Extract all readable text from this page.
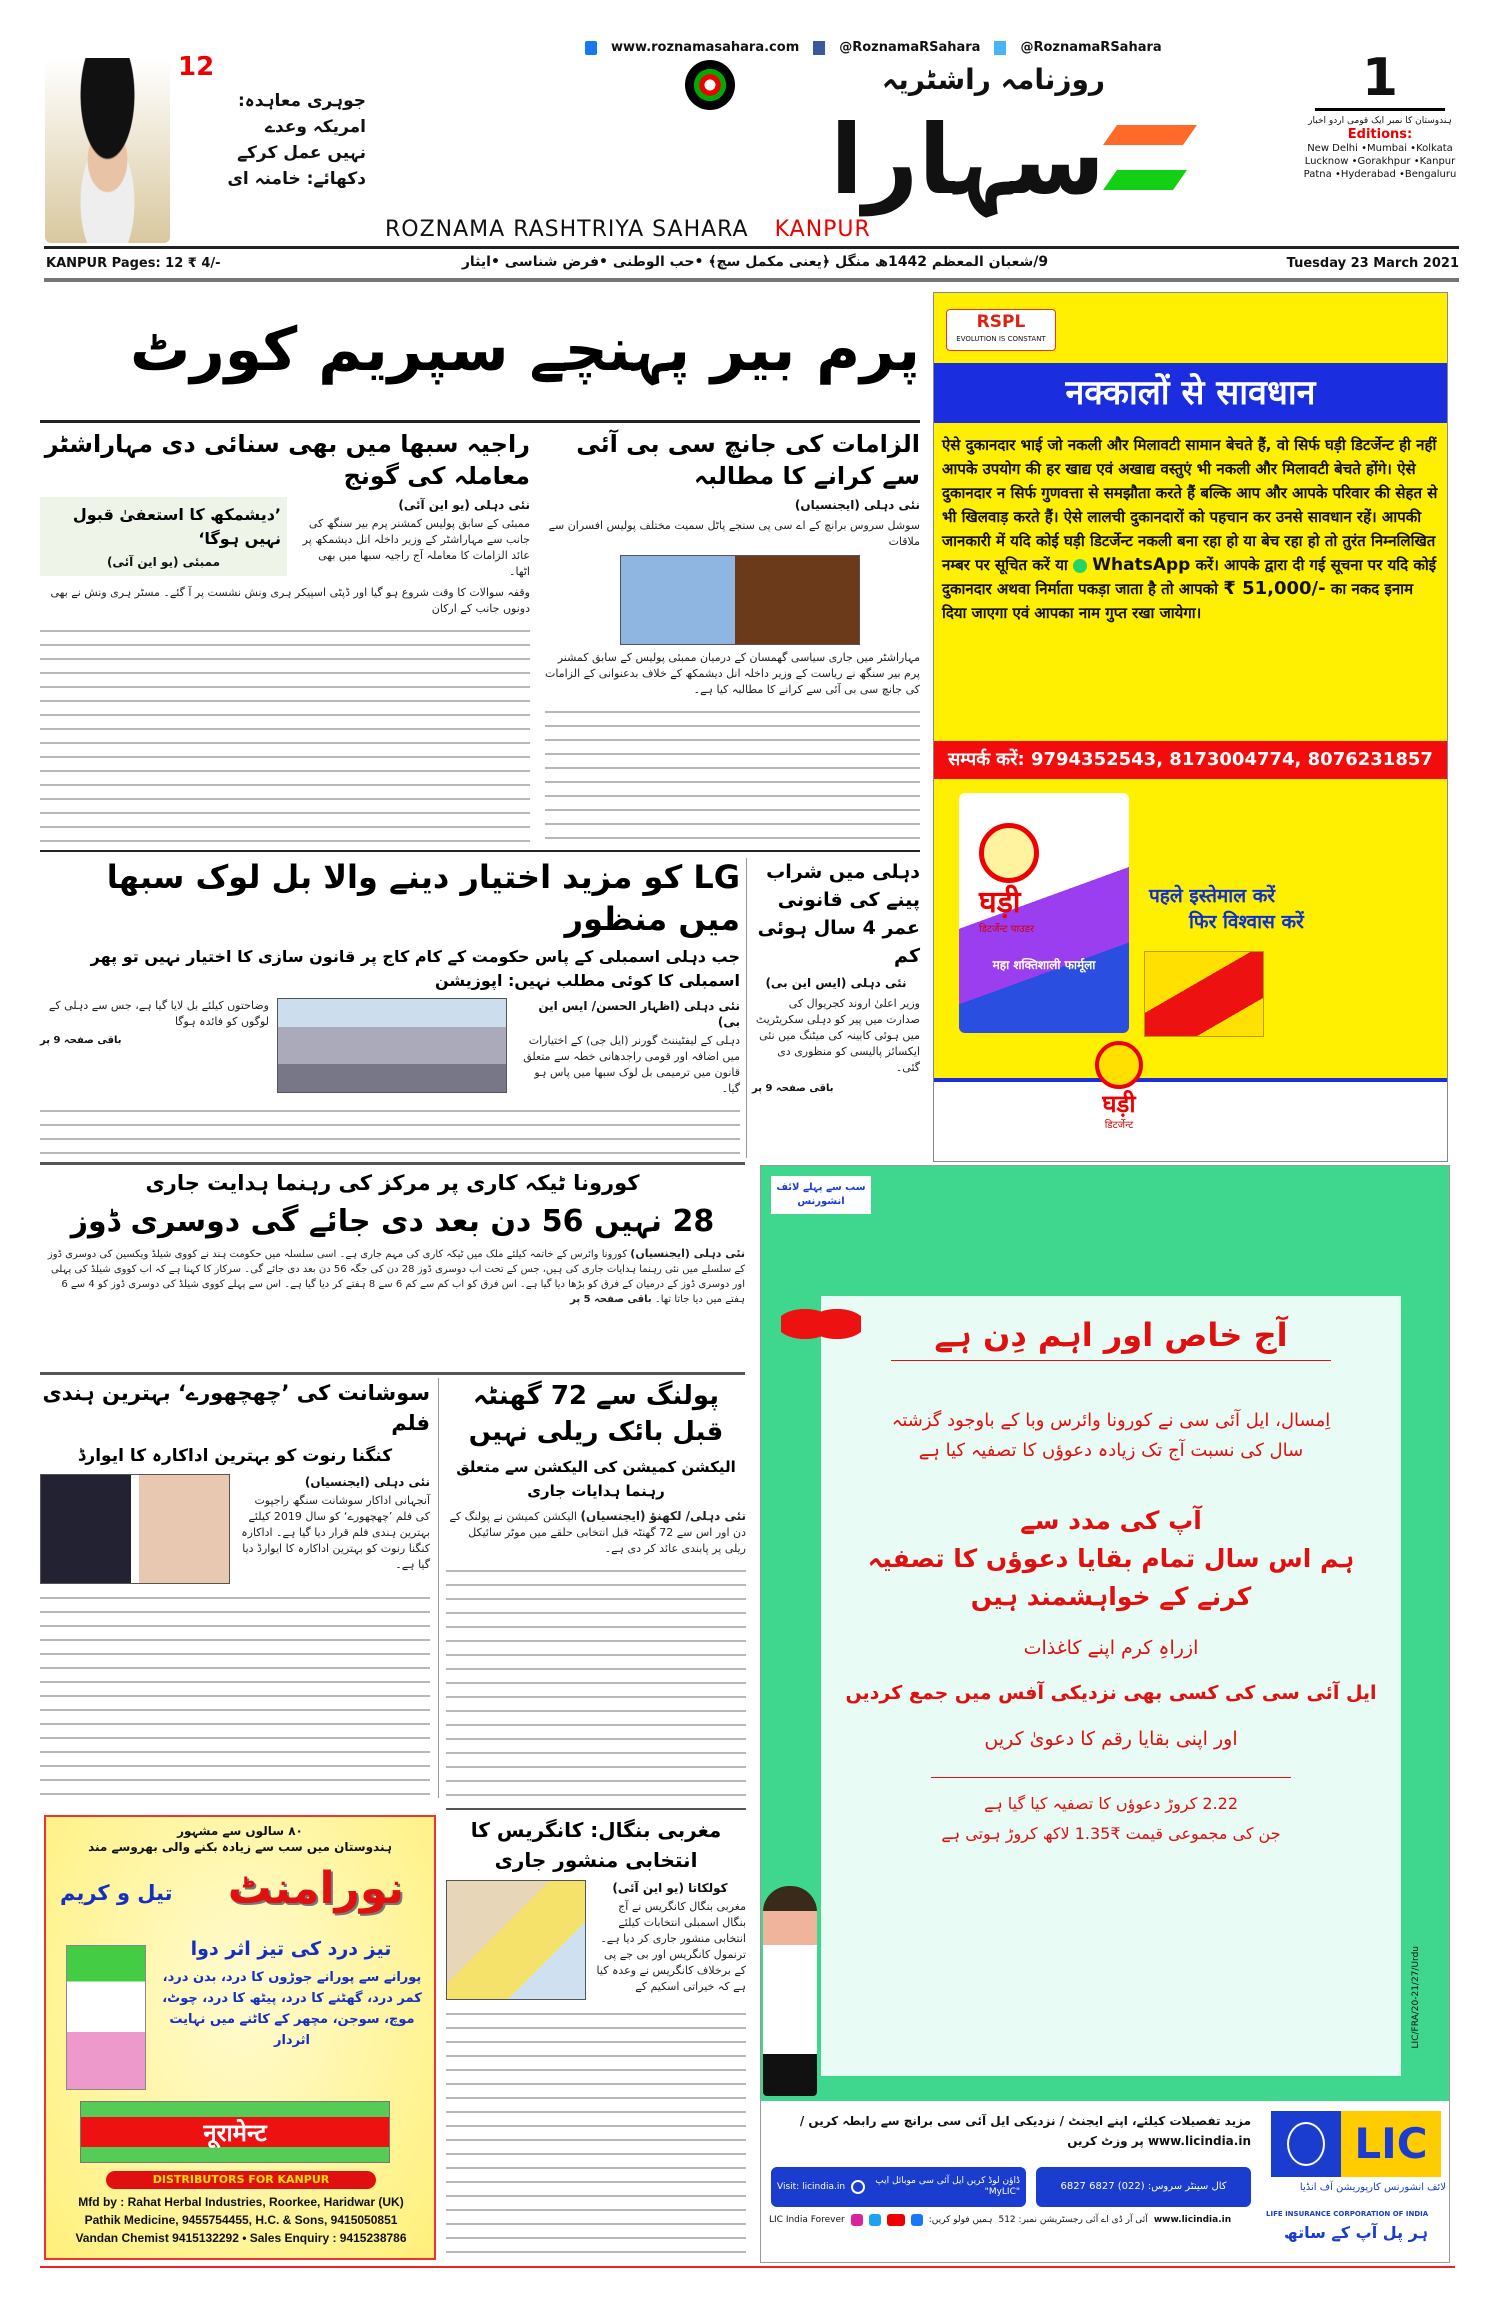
12
جوہری معاہدہ:
امریکہ وعدے
نہیں عمل کرکے
دکھائے: خامنہ ای
www.roznamasahara.com	@RoznamaRSahara	@RoznamaRSahara
روزنامہ راشٹریہ
سہارا
ROZNAMA RASHTRIYA SAHARA KANPUR
1
ہندوستان کا نمبر ایک قومی اردو اخبار
Editions:
New Delhi •Mumbai •Kolkata
Lucknow •Gorakhpur •Kanpur
Patna •Hyderabad •Bengaluru
KANPUR Pages: 12 ₹ 4/-	9/شعبان المعظم 1442ھ منگل ﴿یعنی مکمل سچ﴾ •حب الوطنی •فرض شناسی •ایثار	Tuesday 23 March 2021
پرم بیر پہنچے سپریم کورٹ
الزامات کی جانچ سی بی آئی سے کرانے کا مطالبہ
نئی دہلی (ایجنسیاں)
سوشل سروس برانچ کے اے سی پی سنجے پاٹل سمیت مختلف پولیس افسران سے ملاقات
مہاراشٹر میں جاری سیاسی گھمسان کے درمیان ممبئی پولیس کے سابق کمشنر پرم بیر سنگھ نے ریاست کے وزیر داخلہ انل دیشمکھ کے خلاف بدعنوانی کے الزامات کی جانچ سی بی آئی سے کرانے کا مطالبہ کیا ہے۔
راجیہ سبھا میں بھی سنائی دی مہاراشٹر معاملہ کی گونج
نئی دہلی (یو این آئی)
ممبئی کے سابق پولیس کمشنر پرم بیر سنگھ کی جانب سے مہاراشٹر کے وزیر داخلہ انل دیشمکھ پر عائد الزامات کا معاملہ آج راجیہ سبھا میں بھی اٹھا۔
’دیشمکھ کا استعفیٰ قبول نہیں ہوگا‘
ممبئی (یو این آئی)
وقفہ سوالات کا وقت شروع ہو گیا اور ڈپٹی اسپیکر ہری ونش نشست پر آ گئے۔ مسٹر ہری ونش نے بھی دونوں جانب کے ارکان
LG کو مزید اختیار دینے والا بل لوک سبھا میں منظور
جب دہلی اسمبلی کے پاس حکومت کے کام کاج پر قانون سازی کا اختیار نہیں تو پھر اسمبلی کا کوئی مطلب نہیں: اپوزیشن
نئی دہلی (اظہار الحسن/ ایس این بی)
دہلی کے لیفٹیننٹ گورنر (ایل جی) کے اختیارات میں اضافہ اور قومی راجدھانی خطہ سے متعلق قانون میں ترمیمی بل لوک سبھا میں پاس ہو گیا۔
وضاحتوں کیلئے بل لایا گیا ہے، جس سے دہلی کے لوگوں کو فائدہ ہوگا
باقی صفحہ 9 پر
دہلی میں شراب پینے کی قانونی عمر 4 سال ہوئی کم
نئی دہلی (ایس این بی)
وزیر اعلیٰ اروند کجریوال کی صدارت میں پیر کو دہلی سکریٹریٹ میں ہوئی کابینہ کی میٹنگ میں نئی ایکسائز پالیسی کو منظوری دی گئی۔
باقی صفحہ 9 پر
کورونا ٹیکہ کاری پر مرکز کی رہنما ہدایت جاری
28 نہیں 56 دن بعد دی جائے گی دوسری ڈوز
نئی دہلی (ایجنسیاں) کورونا وائرس کے خاتمہ کیلئے ملک میں ٹیکہ کاری کی مہم جاری ہے۔ اسی سلسلہ میں حکومت ہند نے کووی شیلڈ ویکسین کی دوسری ڈوز کے سلسلے میں نئی رہنما ہدایات جاری کی ہیں، جس کے تحت اب دوسری ڈوز 28 دن کی جگہ 56 دن بعد دی جائے گی۔ سرکار کا کہنا ہے کہ اب کووی شیلڈ کی پہلی اور دوسری ڈوز کے درمیان کے فرق کو بڑھا دیا گیا ہے۔ اس فرق کو اب کم سے کم 6 سے 8 ہفتے کر دیا گیا ہے۔ اس سے پہلے کووی شیلڈ کی دوسری ڈوز کو 4 سے 6 ہفتے میں دیا جاتا تھا۔ باقی صفحہ 5 پر
سوشانت کی ’چھچھورے‘ بہترین ہندی فلم
کنگنا رنوت کو بہترین اداکارہ کا ایوارڈ
نئی دہلی (ایجنسیاں)
آنجہانی اداکار سوشانت سنگھ راجپوت کی فلم ’چھچھورے‘ کو سال 2019 کیلئے بہترین ہندی فلم قرار دیا گیا ہے۔ اداکارہ کنگنا رنوت کو بہترین اداکارہ کا ایوارڈ دیا گیا ہے۔
پولنگ سے 72 گھنٹہ قبل بائک ریلی نہیں
الیکشن کمیشن کی الیکشن سے متعلق رہنما ہدایات جاری
نئی دہلی/ لکھنؤ (ایجنسیاں) الیکشن کمیشن نے پولنگ کے دن اور اس سے 72 گھنٹہ قبل انتخابی حلقے میں موٹر سائیکل ریلی پر پابندی عائد کر دی ہے۔
مغربی بنگال: کانگریس کا انتخابی منشور جاری
کولکاتا (یو این آئی)
مغربی بنگال کانگریس نے آج بنگال اسمبلی انتخابات کیلئے انتخابی منشور جاری کر دیا ہے۔ ترنمول کانگریس اور بی جے پی کے برخلاف کانگریس نے وعدہ کیا ہے کہ خیراتی اسکیم کے
RSPL
EVOLUTION IS CONSTANT
नक्कालों से सावधान
ऐसे दुकानदार भाई जो नकली और मिलावटी सामान बेचते हैं, वो सिर्फ घड़ी डिटर्जेन्ट ही नहीं आपके उपयोग की हर खाद्य एवं अखाद्य वस्तुएं भी नकली और मिलावटी बेचते होंगे। ऐसे दुकानदार न सिर्फ गुणवत्ता से समझौता करते हैं बल्कि आप और आपके परिवार की सेहत से भी खिलवाड़ करते हैं। ऐसे लालची दुकानदारों को पहचान कर उनसे सावधान रहें। आपकी जानकारी में यदि कोई घड़ी डिटर्जेन्ट नकली बना रहा हो या बेच रहा हो तो तुरंत निम्नलिखित नम्बर पर सूचित करें या WhatsApp करें। आपके द्वारा दी गई सूचना पर यदि कोई दुकानदार अथवा निर्माता पकड़ा जाता है तो आपको ₹ 51,000/- का नकद इनाम दिया जाएगा एवं आपका नाम गुप्त रखा जायेगा।
सम्पर्क करें: 9794352543, 8173004774, 8076231857
घड़ी
डिटर्जेन्ट पाउडर
महा शक्तिशाली फार्मूला
पहले इस्तेमाल करें
फिर विश्वास करें
घड़ी
डिटर्जेन्ट
سب سے پہلے لائف انشورنس
آج خاص اور اہم دِن ہے
اِمسال، ایل آئی سی نے کورونا وائرس وبا کے باوجود گزشتہ سال کی نسبت آج تک زیادہ دعوؤں کا تصفیہ کیا ہے
آپ کی مدد سے
ہم اس سال تمام بقایا دعوؤں کا تصفیہ
کرنے کے خواہشمند ہیں
ازراہِ کرم اپنے کاغذات
ایل آئی سی کی کسی بھی نزدیکی آفس میں جمع کردیں
اور اپنی بقایا رقم کا دعویٰ کریں
2.22 کروڑ دعوؤں کا تصفیہ کیا گیا ہے
جن کی مجموعی قیمت ₹1.35 لاکھ کروڑ ہوتی ہے
LIC/FRA/20-21/27/Urdu
مزید تفصیلات کیلئے، اپنے ایجنٹ / نزدیکی ایل آئی سی برانچ سے رابطہ کریں / www.licindia.in پر وزٹ کریں
Visit: licindia.in
ڈاؤن لوڈ کریں ایل آئی سی موبائل ایپ "MyLIC"	کال سینٹر سروس: (022) 6827 6827
LIC India Forever	ہمیں فولو کریں: آئی آر ڈی اے آئی رجسٹریشن نمبر: 512 www.licindia.in
LIC
لائف انشورنس کارپوریشن آف انڈیا
LIFE INSURANCE CORPORATION OF INDIA
ہر پل آپ کے ساتھ
۸۰ سالوں سے مشہور
ہندوستان میں سب سے زیادہ بکنے والی بھروسے مند
نورامنٹ
تیل و کریم
تیز درد کی تیز اثر دوا
پورانے سے پورانے جوڑوں کا درد، بدن درد، کمر درد، گھٹنے کا درد، پیٹھ کا درد، چوٹ، موچ، سوجن، مچھر کے کاٹنے میں نہایت اثردار
नूरामेन्ट
DISTRIBUTORS FOR KANPUR
Mfd by : Rahat Herbal Industries, Roorkee, Haridwar (UK)
Pathik Medicine, 9455754455, H.C. & Sons, 9415050851
Vandan Chemist 9415132292 • Sales Enquiry : 9415238786
